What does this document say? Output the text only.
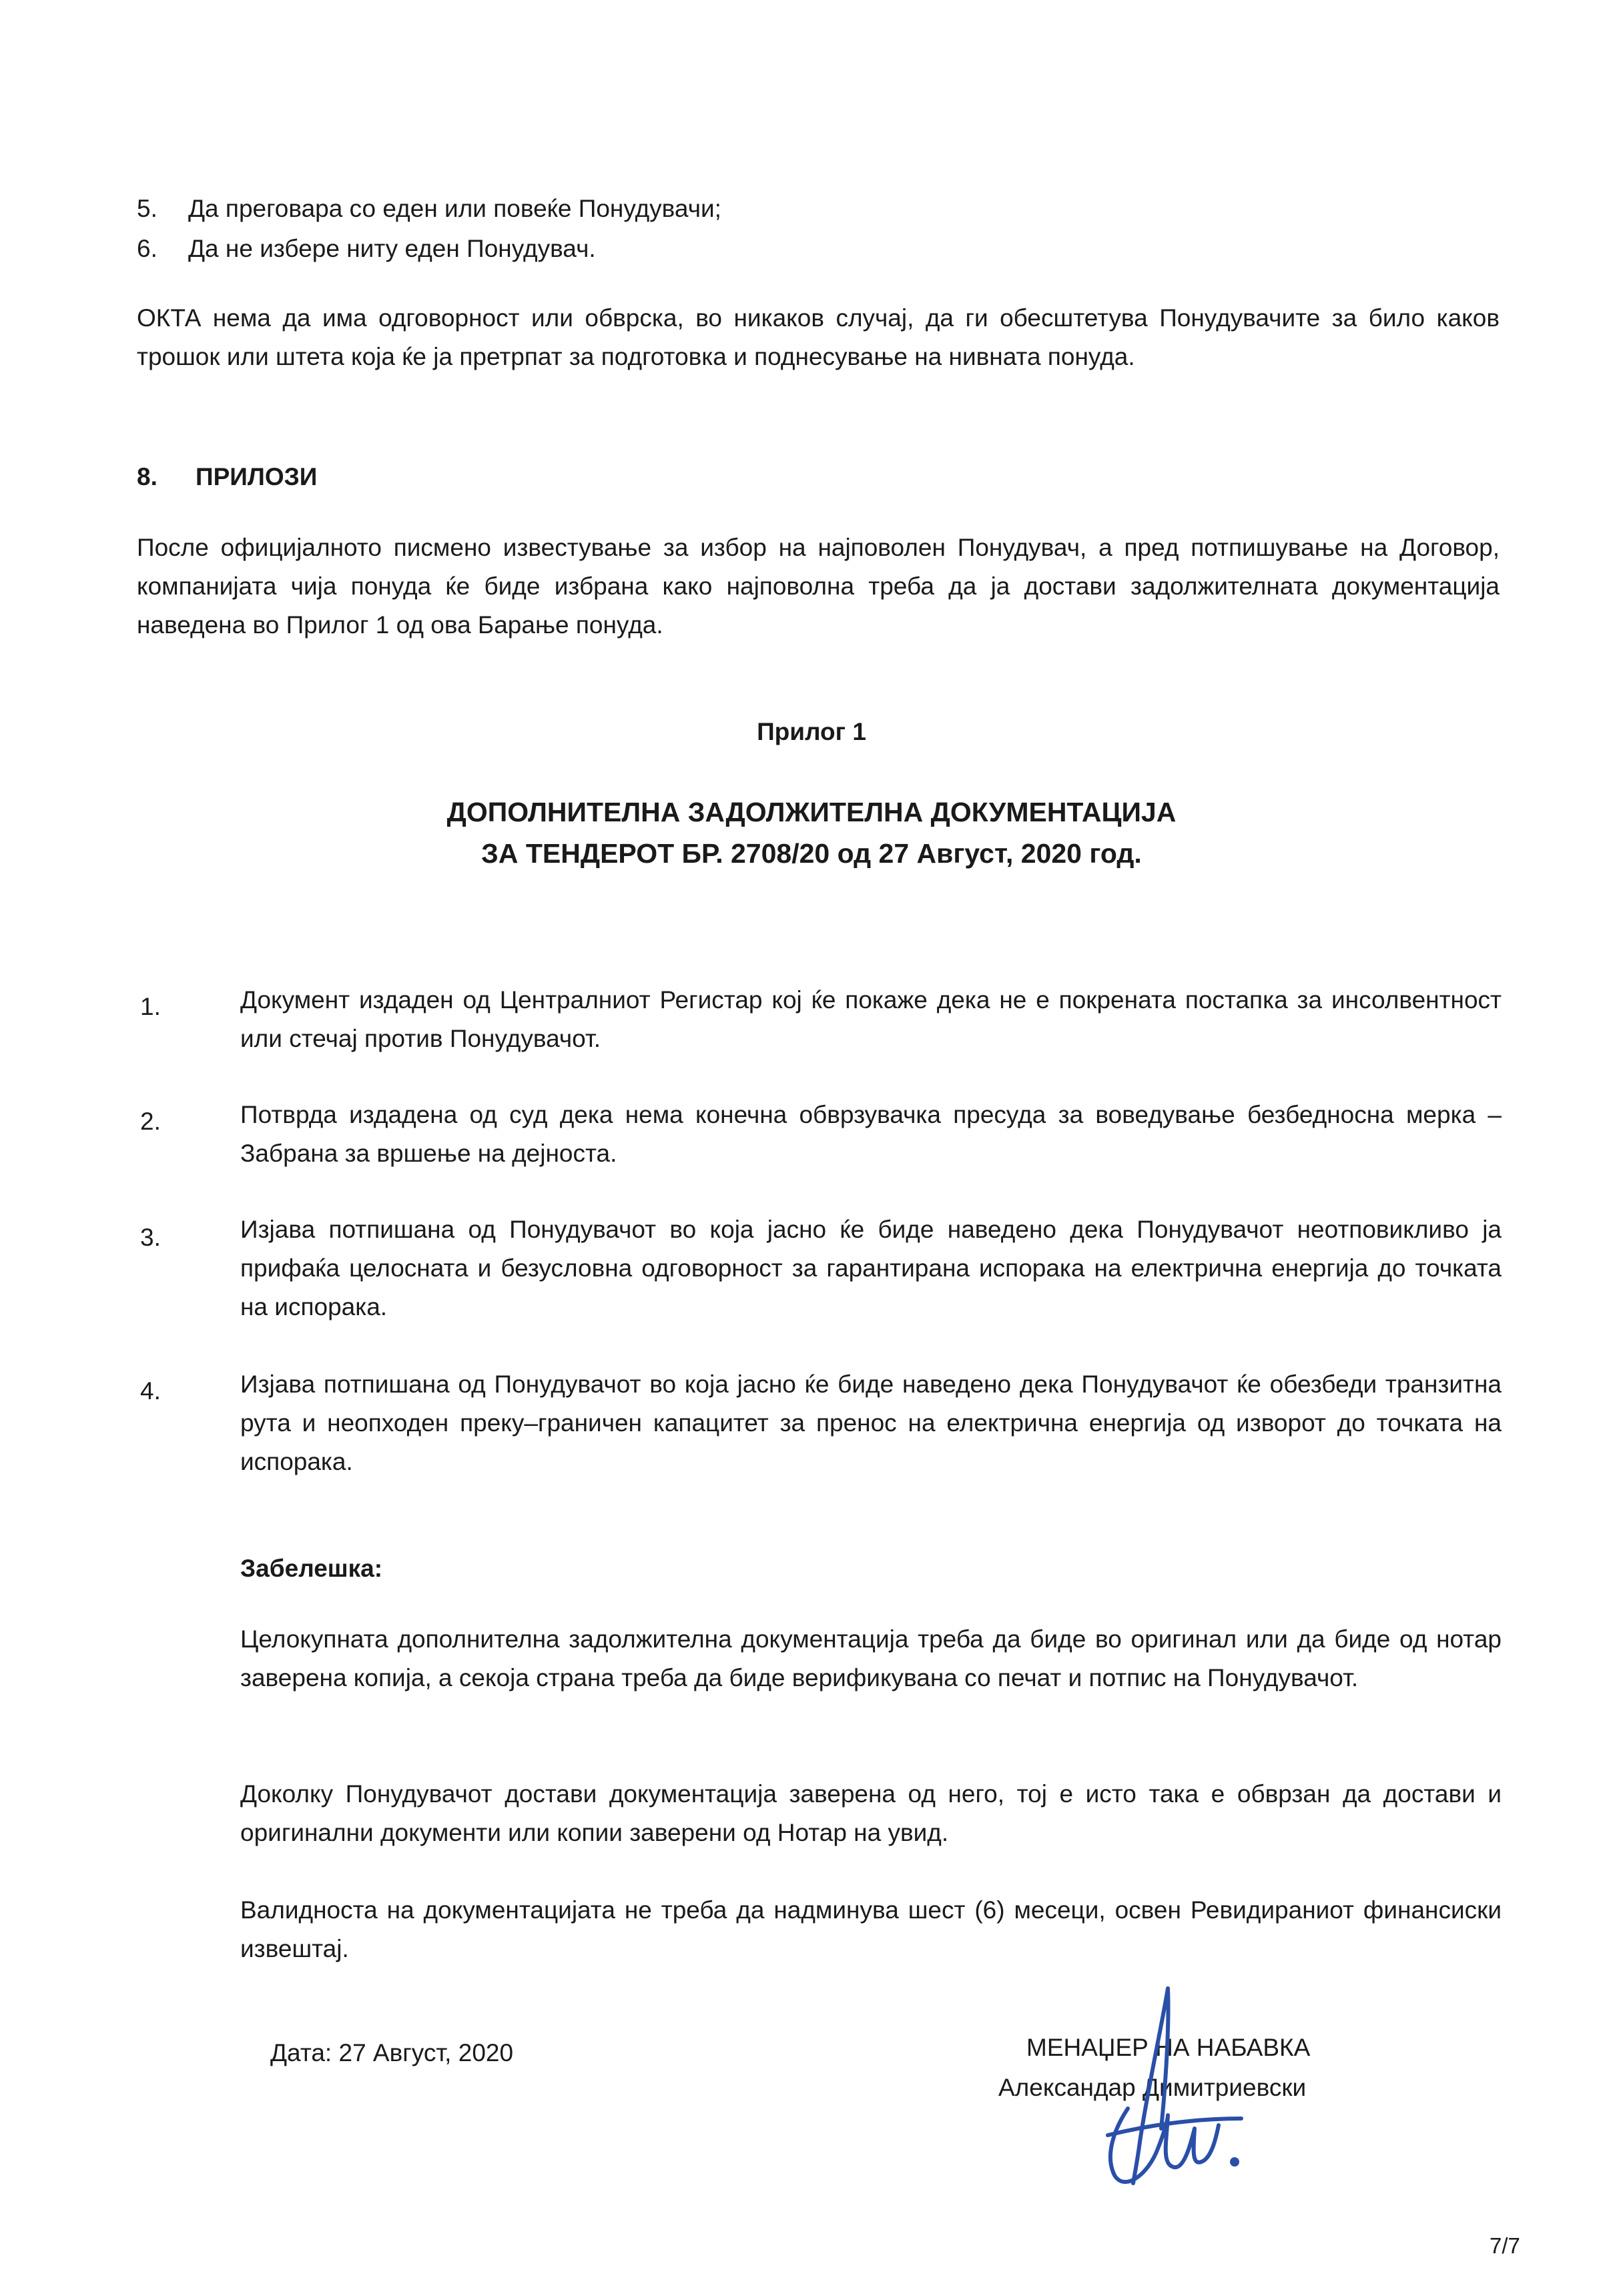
5. Да преговара со еден или повеќе Понудувачи;
6. Да не избере ниту еден Понудувач.
ОКТА нема да има одговорност или обврска, во никаков случај, да ги обесштетува Понудувачите за било каков трошок или штета која ќе ја претрпат за подготовка и поднесување на нивната понуда.
8. ПРИЛОЗИ
После официјалното писмено известување за избор на најповолен Понудувач, а пред потпишување на Договор, компанијата чија понуда ќе биде избрана како најповолна треба да ја достави задолжителната документација наведена во Прилог 1 од ова Барање понуда.
Прилог 1
ДОПОЛНИТЕЛНА ЗАДОЛЖИТЕЛНА ДОКУМЕНТАЦИЈА
ЗА ТЕНДЕРОТ БР. 2708/20 од 27 Август, 2020 год.
1.	Документ издаден од Централниот Регистар кој ќе покаже дека не е покрената постапка за инсолвентност или стечај против Понудувачот.
2.	Потврда издадена од суд дека нема конечна обврзувачка пресуда за воведување безбедносна мерка – Забрана за вршење на дејноста.
3.	Изјава потпишана од Понудувачот во која јасно ќе биде наведено дека Понудувачот неотповикливо ја прифаќа целосната и безусловна одговорност за гарантирана испорака на електрична енергија до точката на испорака.
4.	Изјава потпишана од Понудувачот во која јасно ќе биде наведено дека Понудувачот ќе обезбеди транзитна рута и неопходен преку–граничен капацитет за пренос на електрична енергија од изворот до точката на испорака.
Забелешка:
Целокупната дополнителна задолжителна документација треба да биде во оригинал или да биде од нотар заверена копија, а секоја страна треба да биде верификувана со печат и потпис на Понудувачот.
Доколку Понудувачот достави документација заверена од него, тој е исто така е обврзан да достави и оригинални документи или копии заверени од Нотар на увид.
Валидноста на документацијата не треба да надминува шест (6) месеци, освен Ревидираниот финансиски извештај.
Дата: 27 Август, 2020	МЕНАЏЕР НА НАБАВКА
Александар Димитриевски
7/7
